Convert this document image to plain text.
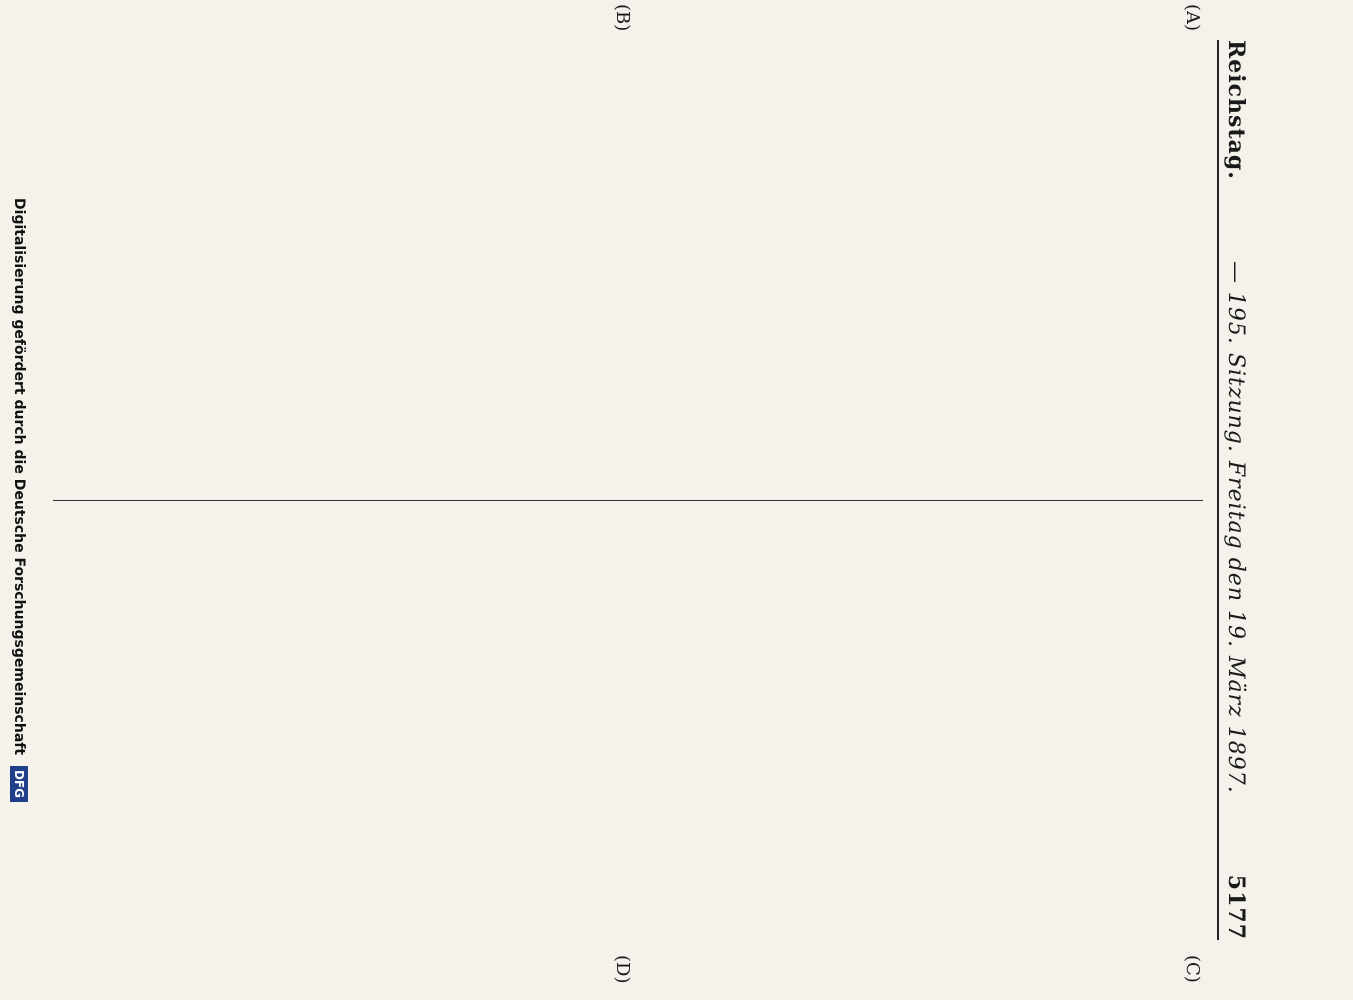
Reichstag.
— 195. Sitzung. Freitag den 19. März 1897.
5177
(A)
(B)
(C)
(D)
Digitalisierung gefördert durch die Deutsche Forschungsgemeinschaft DFG
